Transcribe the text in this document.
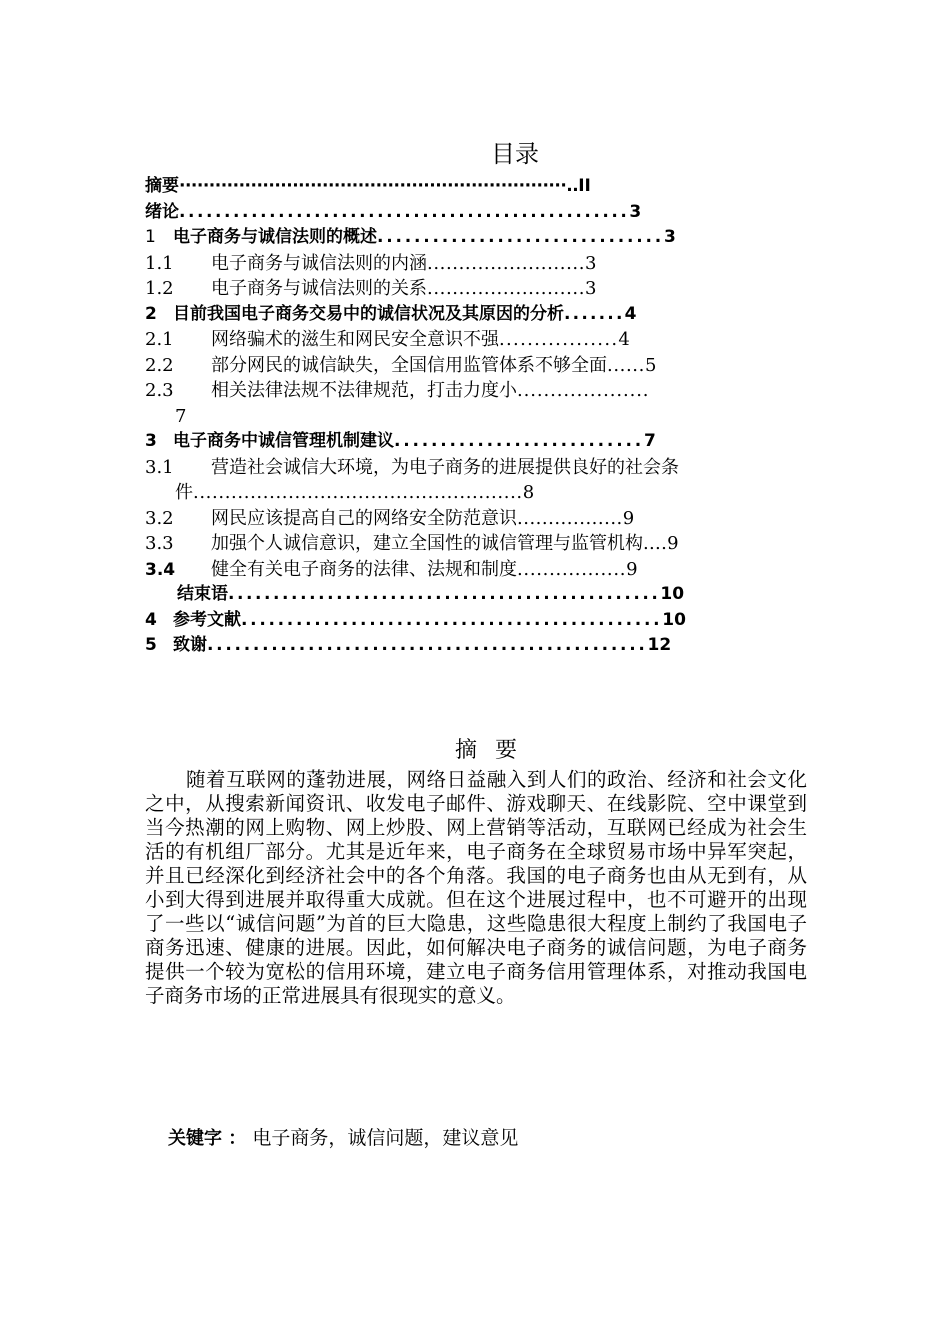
目录
摘要·································································..II
绪论..................................................3
1 电子商务与诚信法则的概述...............................3
1.1 电子商务与诚信法则的内涵.........................3
1.2 电子商务与诚信法则的关系.........................3
2 目前我国电子商务交易中的诚信状况及其原因的分析.......4
2.1 网络骗术的滋生和网民安全意识不强.................4
2.2 部分网民的诚信缺失，全国信用监管体系不够全面......5
2.3 相关法律法规不法律规范，打击力度小....................
7
3 电子商务中诚信管理机制建议...........................7
3.1 营造社会诚信大环境，为电子商务的进展提供良好的社会条
件....................................................8
3.2 网民应该提高自己的网络安全防范意识.................9
3.3 加强个人诚信意识，建立全国性的诚信管理与监管机构....9
3.4 健全有关电子商务的法律、法规和制度.................9
结束语................................................10
4 参考文献..............................................10
5 致谢................................................12
摘要
随着互联网的蓬勃进展，网络日益融入到人们的政治、经济和社会文化之中，从搜索新闻资讯、收发电子邮件、游戏聊天、在线影院、空中课堂到当今热潮的网上购物、网上炒股、网上营销等活动，互联网已经成为社会生活的有机组厂部分。尤其是近年来，电子商务在全球贸易市场中异军突起，并且已经深化到经济社会中的各个角落。我国的电子商务也由从无到有，从小到大得到进展并取得重大成就。但在这个进展过程中，也不可避开的出现了一些以“诚信问题”为首的巨大隐患，这些隐患很大程度上制约了我国电子商务迅速、健康的进展。因此，如何解决电子商务的诚信问题，为电子商务提供一个较为宽松的信用环境，建立电子商务信用管理体系，对推动我国电子商务市场的正常进展具有很现实的意义。
关键字 ： 电子商务，诚信问题，建议意见
